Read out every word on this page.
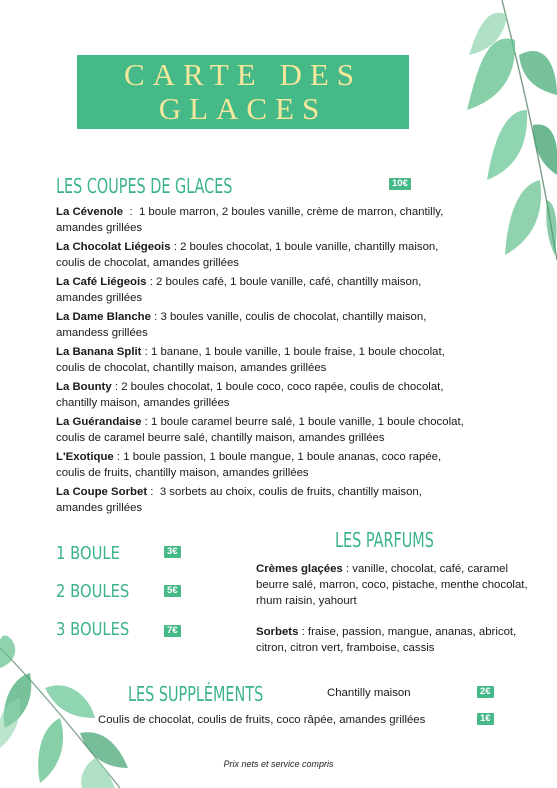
CARTE DES
GLACES
LES COUPES DE GLACES	10€

La Cévenole  :  1 boule marron, 2 boules vanille, crème de marron, chantilly, amandes grillées

La Chocolat Liégeois : 2 boules chocolat, 1 boule vanille, chantilly maison, coulis de chocolat, amandes grillées

La Café Liégeois : 2 boules café, 1 boule vanille, café, chantilly maison, amandes grillées

La Dame Blanche : 3 boules vanille, coulis de chocolat, chantilly maison, amandess grillées

La Banana Split : 1 banane, 1 boule vanille, 1 boule fraise, 1 boule chocolat, coulis de chocolat, chantilly maison, amandes grillées

La Bounty : 2 boules chocolat, 1 boule coco, coco rapée, coulis de chocolat, chantilly maison, amandes grillées

La Guérandaise : 1 boule caramel beurre salé, 1 boule vanille, 1 boule chocolat, coulis de caramel beurre salé, chantilly maison, amandes grillées

L'Exotique : 1 boule passion, 1 boule mangue, 1 boule ananas, coco rapée, coulis de fruits, chantilly maison, amandes grillées

La Coupe Sorbet :  3 sorbets au choix, coulis de fruits, chantilly maison, amandes grillées

1 BOULE	3€
2 BOULES	5€
3 BOULES	7€
LES PARFUMS

Crèmes glaçées : vanille, chocolat, café, caramel beurre salé, marron, coco, pistache, menthe chocolat, rhum raisin, yahourt

Sorbets : fraise, passion, mangue, ananas, abricot, citron, citron vert, framboise, cassis

LES SUPPLÉMENTS	Chantilly maison	2€
Coulis de chocolat, coulis de fruits, coco râpée, amandes grillées	1€
Prix nets et service compris
